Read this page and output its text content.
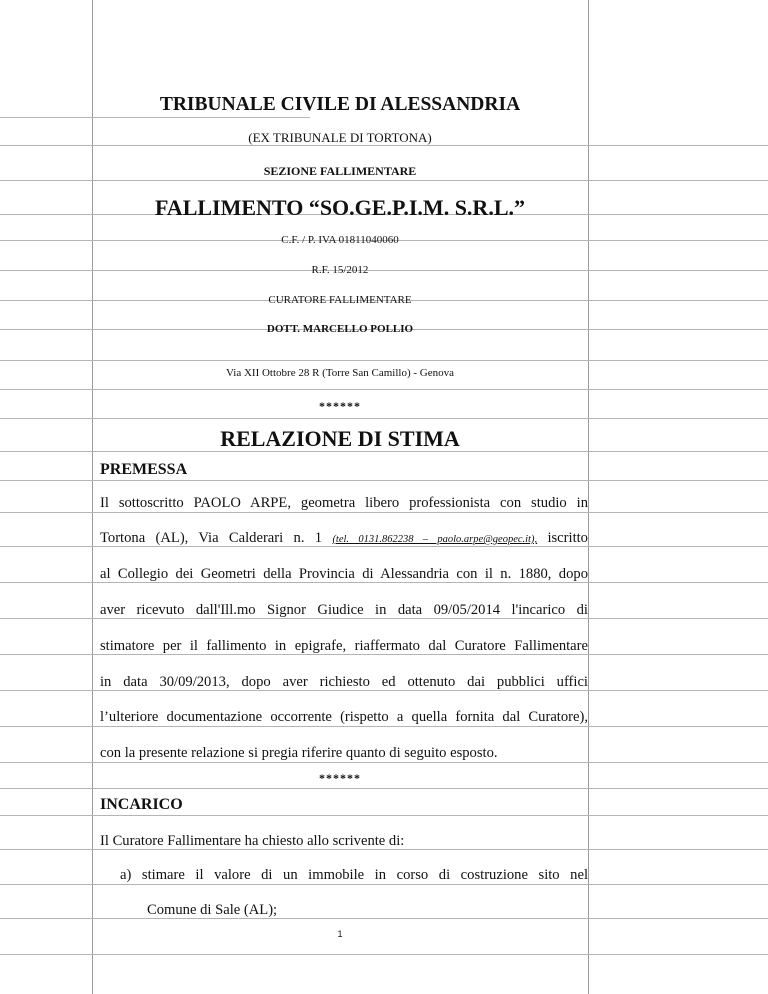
TRIBUNALE CIVILE DI ALESSANDRIA
(EX TRIBUNALE DI TORTONA)
SEZIONE FALLIMENTARE
FALLIMENTO “SO.GE.P.I.M. S.R.L.”
C.F. / P. IVA 01811040060
R.F. 15/2012
CURATORE FALLIMENTARE
DOTT. MARCELLO POLLIO
Via XII Ottobre 28 R (Torre San Camillo) - Genova
******
RELAZIONE DI STIMA
PREMESSA
Il sottoscritto PAOLO ARPE, geometra libero professionista con studio in
Tortona (AL), Via Calderari n. 1 (tel. 0131.862238 – paolo.arpe@geopec.it), iscritto
al Collegio dei Geometri della Provincia di Alessandria con il n. 1880, dopo
aver ricevuto dall'Ill.mo Signor Giudice in data 09/05/2014 l'incarico di
stimatore per il fallimento in epigrafe, riaffermato dal Curatore Fallimentare
in data 30/09/2013, dopo aver richiesto ed ottenuto dai pubblici uffici
l’ulteriore documentazione occorrente (rispetto a quella fornita dal Curatore),
con la presente relazione si pregia riferire quanto di seguito esposto.
******
INCARICO
Il Curatore Fallimentare ha chiesto allo scrivente di:
a) stimare il valore di un immobile in corso di costruzione sito nel
Comune di Sale (AL);
1
